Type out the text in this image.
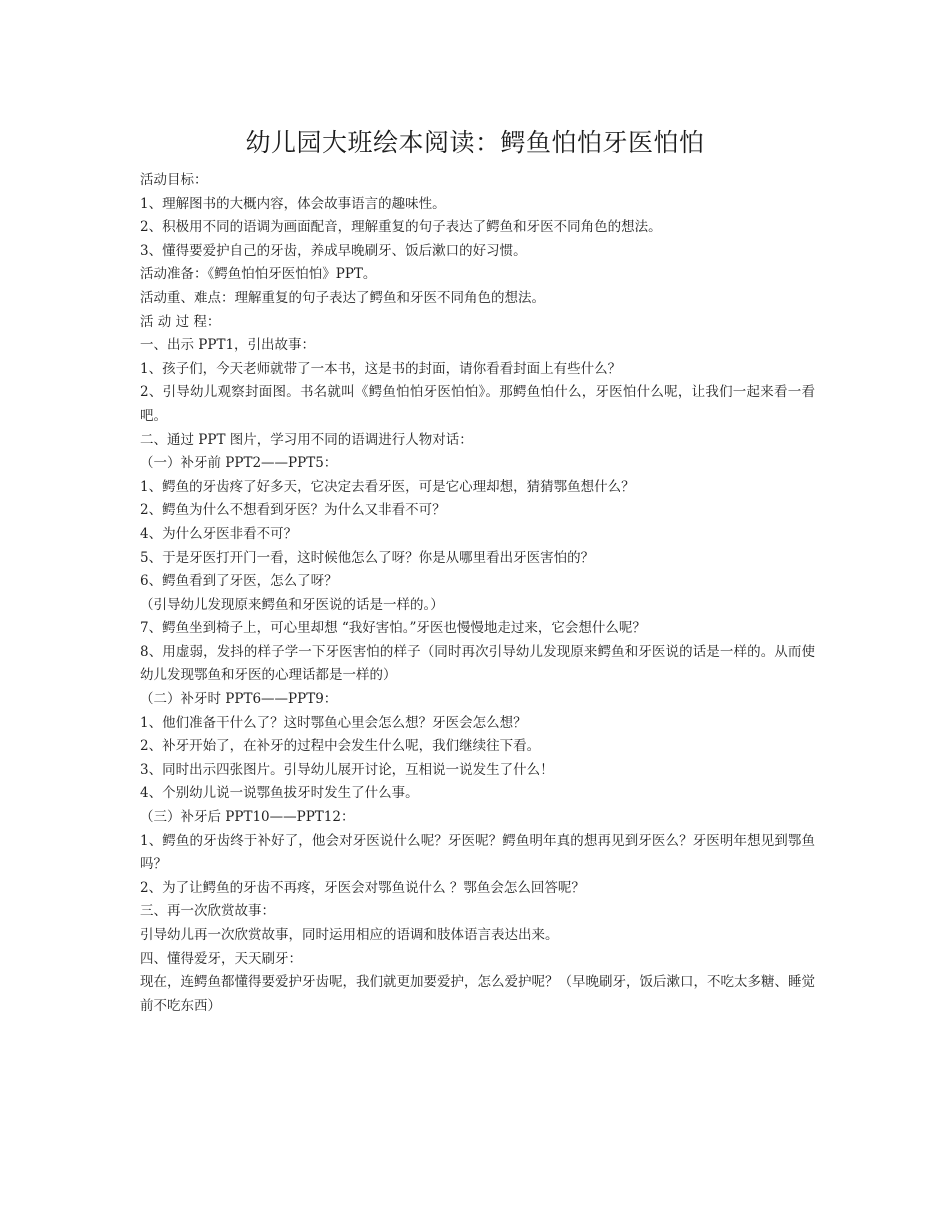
幼儿园大班绘本阅读：鳄鱼怕怕牙医怕怕

活动目标：

1、理解图书的大概内容，体会故事语言的趣味性。

2、积极用不同的语调为画面配音，理解重复的句子表达了鳄鱼和牙医不同角色的想法。

3、懂得要爱护自己的牙齿，养成早晚刷牙、饭后漱口的好习惯。

活动准备：《鳄鱼怕怕牙医怕怕》PPT。

活动重、难点：理解重复的句子表达了鳄鱼和牙医不同角色的想法。

活 动 过 程：

一、出示 PPT1，引出故事：

1、孩子们，今天老师就带了一本书，这是书的封面，请你看看封面上有些什么？

2、引导幼儿观察封面图。书名就叫《鳄鱼怕怕牙医怕怕》。那鳄鱼怕什么，牙医怕什么呢，让我们一起来看一看吧。

二、通过 PPT 图片，学习用不同的语调进行人物对话：

（一）补牙前 PPT2——PPT5：

1、鳄鱼的牙齿疼了好多天，它决定去看牙医，可是它心理却想，猜猜鄂鱼想什么？

2、鳄鱼为什么不想看到牙医？为什么又非看不可？

4、为什么牙医非看不可？

5、于是牙医打开门一看，这时候他怎么了呀？你是从哪里看出牙医害怕的？

6、鳄鱼看到了牙医，怎么了呀？

（引导幼儿发现原来鳄鱼和牙医说的话是一样的。）

7、鳄鱼坐到椅子上，可心里却想 “我好害怕。”牙医也慢慢地走过来，它会想什么呢？

8、用虚弱，发抖的样子学一下牙医害怕的样子（同时再次引导幼儿发现原来鳄鱼和牙医说的话是一样的。从而使幼儿发现鄂鱼和牙医的心理话都是一样的）

（二）补牙时 PPT6——PPT9：

1、他们准备干什么了？这时鄂鱼心里会怎么想？牙医会怎么想？

2、补牙开始了，在补牙的过程中会发生什么呢，我们继续往下看。

3、同时出示四张图片。引导幼儿展开讨论，互相说一说发生了什么！

4、个别幼儿说一说鄂鱼拔牙时发生了什么事。

（三）补牙后 PPT10——PPT12：

1、鳄鱼的牙齿终于补好了，他会对牙医说什么呢？牙医呢？鳄鱼明年真的想再见到牙医么？牙医明年想见到鄂鱼吗？

2、为了让鳄鱼的牙齿不再疼，牙医会对鄂鱼说什么 ？鄂鱼会怎么回答呢？

三、再一次欣赏故事：

引导幼儿再一次欣赏故事，同时运用相应的语调和肢体语言表达出来。

四、懂得爱牙，天天刷牙：

现在，连鳄鱼都懂得要爱护牙齿呢，我们就更加要爱护，怎么爱护呢？（早晚刷牙，饭后漱口，不吃太多糖、睡觉前不吃东西）
